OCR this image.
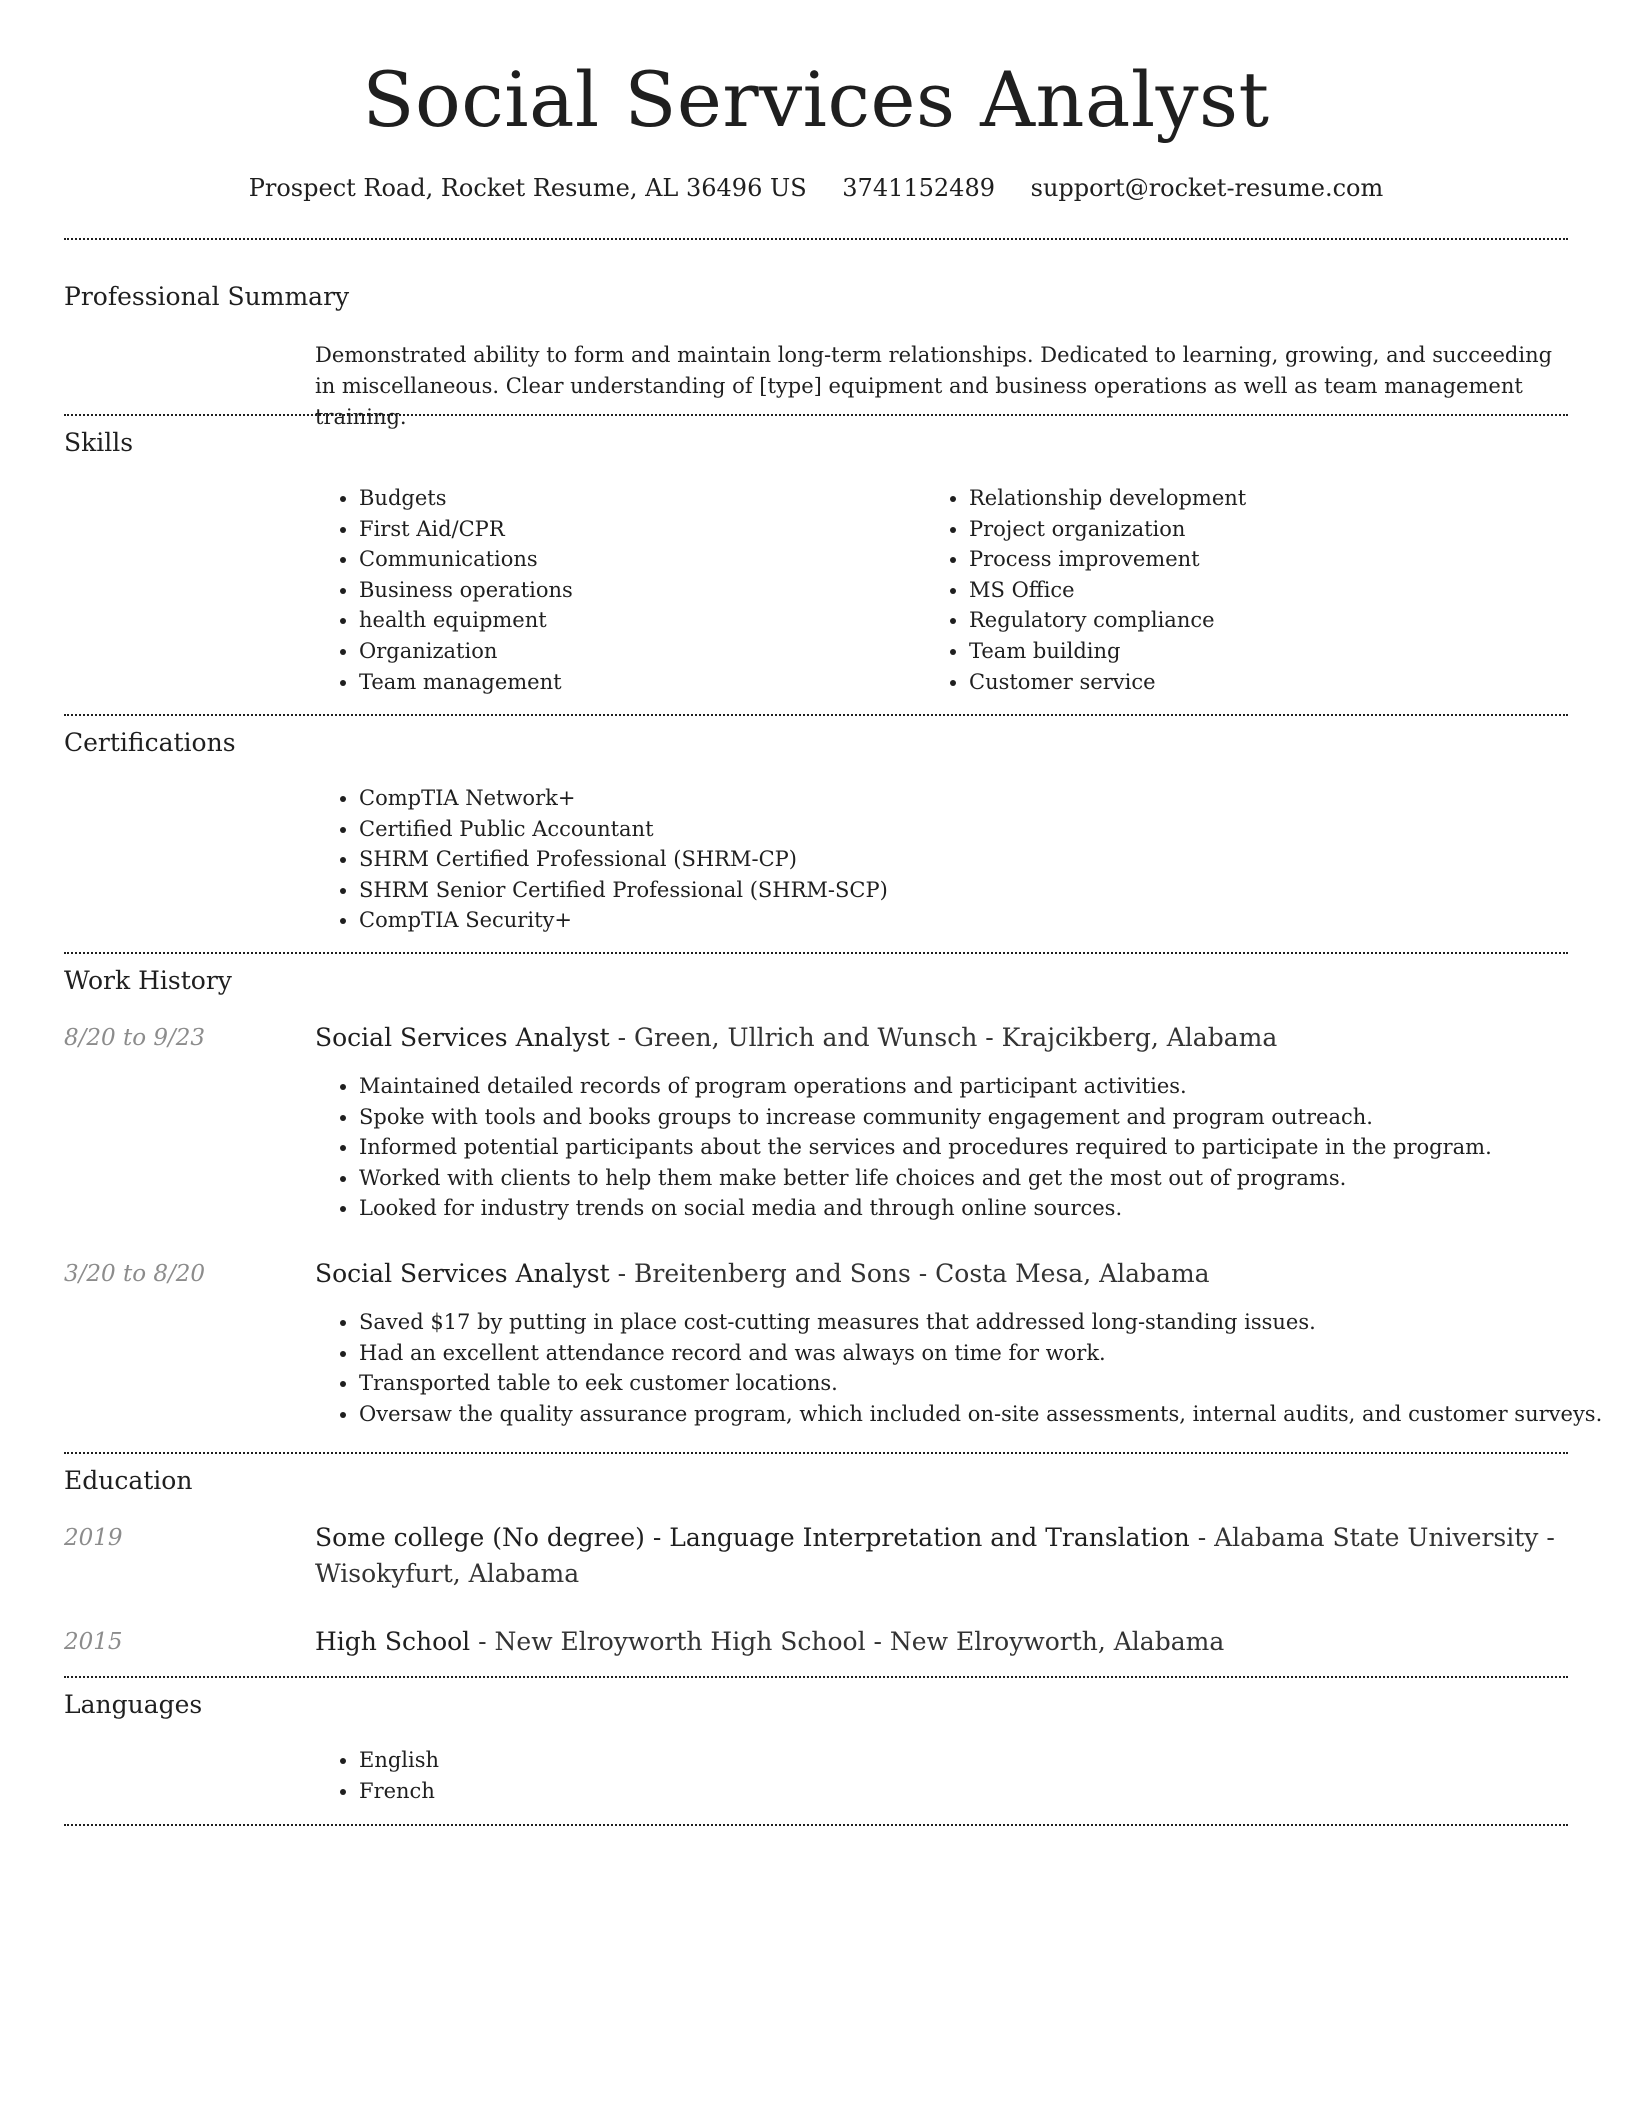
Social Services Analyst
Prospect Road, Rocket Resume, AL 36496 US 3741152489 support@rocket-resume.com
Professional Summary

Demonstrated ability to form and maintain long-term relationships. Dedicated to learning, growing, and succeeding in miscellaneous. Clear understanding of [type] equipment and business operations as well as team management training.

Skills
• Budgets
• First Aid/CPR
• Communications
• Business operations
• health equipment
• Organization
• Team management
• Relationship development
• Project organization
• Process improvement
• MS Office
• Regulatory compliance
• Team building
• Customer service
Certifications
• CompTIA Network+
• Certified Public Accountant
• SHRM Certified Professional (SHRM-CP)
• SHRM Senior Certified Professional (SHRM-SCP)
• CompTIA Security+
Work History
8/20 to 9/23	Social Services Analyst - Green, Ullrich and Wunsch - Krajcikberg, Alabama
• Maintained detailed records of program operations and participant activities.
• Spoke with tools and books groups to increase community engagement and program outreach.
• Informed potential participants about the services and procedures required to participate in the program.
• Worked with clients to help them make better life choices and get the most out of programs.
• Looked for industry trends on social media and through online sources.
3/20 to 8/20	Social Services Analyst - Breitenberg and Sons - Costa Mesa, Alabama
• Saved $17 by putting in place cost-cutting measures that addressed long-standing issues.
• Had an excellent attendance record and was always on time for work.
• Transported table to eek customer locations.
• Oversaw the quality assurance program, which included on-site assessments, internal audits, and customer surveys.
Education
2019	Some college (No degree) - Language Interpretation and Translation - Alabama State University - Wisokyfurt, Alabama
2015	High School - New Elroyworth High School - New Elroyworth, Alabama
Languages
• English
• French
